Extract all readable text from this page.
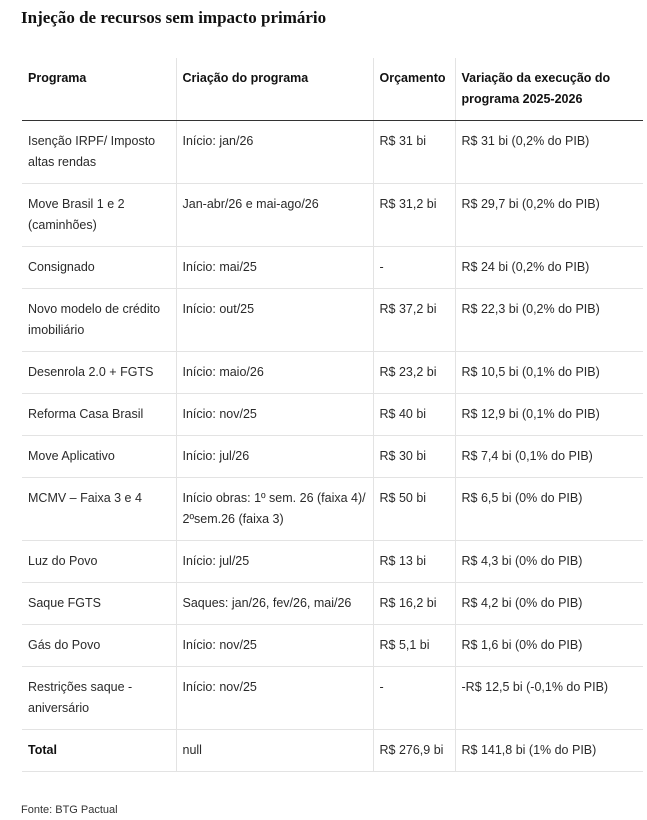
Injeção de recursos sem impacto primário
Programa	Criação do programa	Orçamento	Variação da execução do programa 2025-2026
Isenção IRPF/ Imposto altas rendas	Início: jan/26	R$ 31 bi	R$ 31 bi (0,2% do PIB)
Move Brasil 1 e 2 (caminhões)	Jan-abr/26 e mai-ago/26	R$ 31,2 bi	R$ 29,7 bi (0,2% do PIB)
Consignado	Início: mai/25	-	R$ 24 bi (0,2% do PIB)
Novo modelo de crédito imobiliário	Início: out/25	R$ 37,2 bi	R$ 22,3 bi (0,2% do PIB)
Desenrola 2.0 + FGTS	Início: maio/26	R$ 23,2 bi	R$ 10,5 bi (0,1% do PIB)
Reforma Casa Brasil	Início: nov/25	R$ 40 bi	R$ 12,9 bi (0,1% do PIB)
Move Aplicativo	Início: jul/26	R$ 30 bi	R$ 7,4 bi (0,1% do PIB)
MCMV – Faixa 3 e 4	Início obras: 1º sem. 26 (faixa 4)/ 2ºsem.26 (faixa 3)	R$ 50 bi	R$ 6,5 bi (0% do PIB)
Luz do Povo	Início: jul/25	R$ 13 bi	R$ 4,3 bi (0% do PIB)
Saque FGTS	Saques: jan/26, fev/26, mai/26	R$ 16,2 bi	R$ 4,2 bi (0% do PIB)
Gás do Povo	Início: nov/25	R$ 5,1 bi	R$ 1,6 bi (0% do PIB)
Restrições saque - aniversário	Início: nov/25	-	-R$ 12,5 bi (-0,1% do PIB)
Total	null	R$ 276,9 bi	R$ 141,8 bi (1% do PIB)
Fonte: BTG Pactual
